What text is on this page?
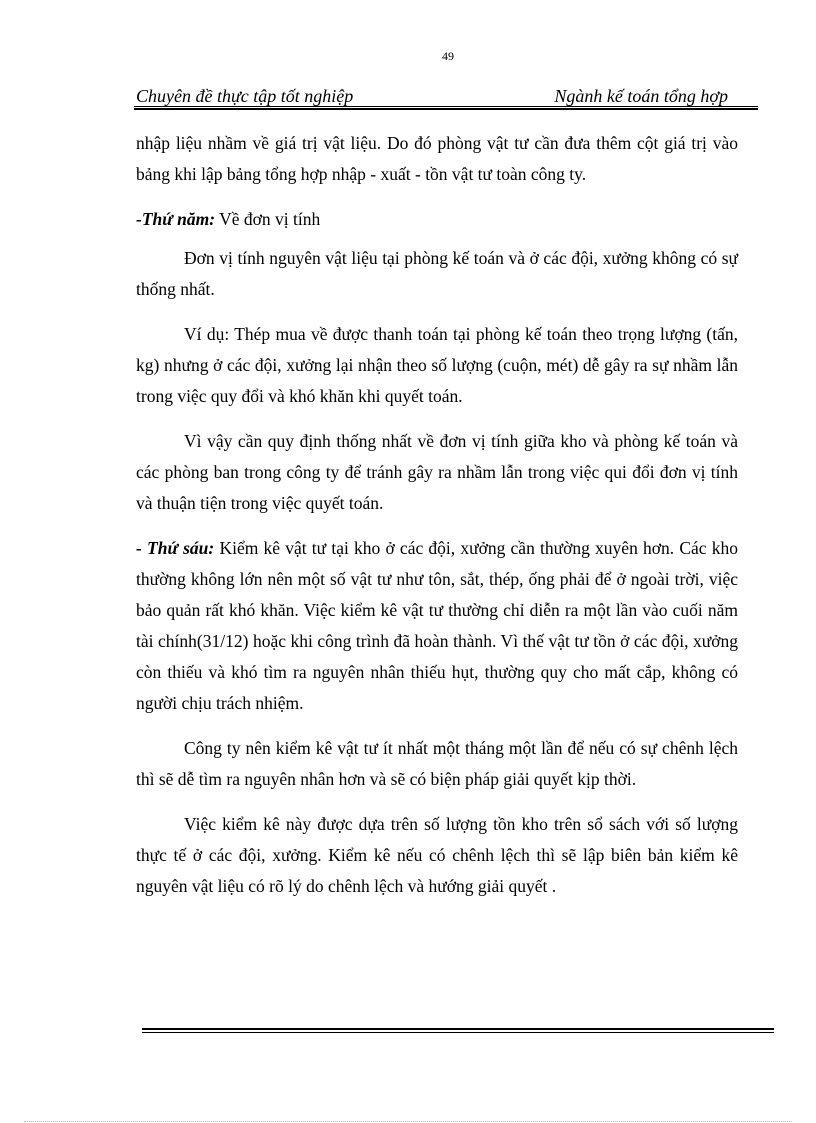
49
Chuyên đề thực tập tốt nghiệp	Ngành kế toán tổng hợp

nhập liệu nhầm về giá trị vật liệu. Do đó phòng vật tư cần đưa thêm cột giá trị vào bảng khi lập bảng tổng hợp nhập - xuất - tồn vật tư toàn công ty.

-Thứ năm: Về đơn vị tính

Đơn vị tính nguyên vật liệu tại phòng kế toán và ở các đội, xưởng không có sự thống nhất.

Ví dụ: Thép mua về được thanh toán tại phòng kế toán theo trọng lượng (tấn, kg) nhưng ở các đội, xưởng lại nhận theo số lượng (cuộn, mét) dễ gây ra sự nhầm lẫn trong việc quy đổi và khó khăn khi quyết toán.

Vì vậy cần quy định thống nhất về đơn vị tính giữa kho và phòng kế toán và các phòng ban trong công ty để tránh gây ra nhầm lẫn trong việc qui đổi đơn vị tính và thuận tiện trong việc quyết toán.

- Thứ sáu: Kiểm kê vật tư tại kho ở các đội, xưởng cần thường xuyên hơn. Các kho thường không lớn nên một số vật tư như tôn, sắt, thép, ống phải để ở ngoài trời, việc bảo quản rất khó khăn. Việc kiểm kê vật tư thường chỉ diễn ra một lần vào cuối năm tài chính(31/12) hoặc khi công trình đã hoàn thành. Vì thế vật tư tồn ở các đội, xưởng còn thiếu và khó tìm ra nguyên nhân thiếu hụt, thường quy cho mất cắp, không có người chịu trách nhiệm.

Công ty nên kiểm kê vật tư ít nhất một tháng một lần để nếu có sự chênh lệch thì sẽ dễ tìm ra nguyên nhân hơn và sẽ có biện pháp giải quyết kịp thời.

Việc kiểm kê này được dựa trên số lượng tồn kho trên sổ sách với số lượng thực tế ở các đội, xưởng. Kiểm kê nếu có chênh lệch thì sẽ lập biên bản kiểm kê nguyên vật liệu có rõ lý do chênh lệch và hướng giải quyết .
